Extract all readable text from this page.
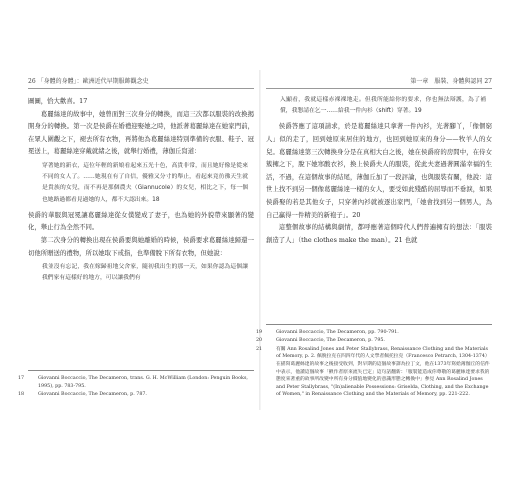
26 「身體的身體」：歐洲近代早期服飾觀念史

圖圖，恰大歡喜。17

葛麗絲達的故事中，她曾面對三次身分的轉換，而這三次都以服裝的改換揭開身分的轉換。第一次是侯爵在婚禮迎娶她之時，他派著葛麗絲達在她家門前，在眾人圍觀之下，褪去所有衣物，再將他為葛麗絲達特別準備的衣服、鞋子、冠冕送上，葛麗絲達穿戴就緒之後，就舉行婚禮，薄伽丘寫道：

穿著她的新衣，這位年輕的新娘看起來五光十色，高貴非常，而且她好像是從來不同的女人了。……她現在有了自信，優雅又分寸的舉止，看起來竟彷彿天生就是貴族的女兒，而不再是那個農夫（Giannucole）的女兒，相比之下，每一個也她路過都看見過她的人，都不大認出來。18

侯爵的華服與冠冕讓葛麗絲達從女僕變成了妻子，也為她的外貌帶來顯著的變化，舉止行為全然不同。

第二次身分的轉換出現在侯爵要與她離婚的時候，侯爵要求葛麗絲達歸還一切他所贈送的禮物，所以她取下戒指，也準備脫下所有衣物，但她說：

我並沒有忘記，我在嫁歸祖地父舍家，隨初我出生的那一天，如果你認為這個讓我們家有這樣好的地方，可以讓我們有

17	Giovanni Boccaccio, The Decameron, trans. G. H. McWilliam (London: Penguin Books, 1995), pp. 783-795.

18	Giovanni Boccaccio, The Decameron, p. 787.

第一章　服裝、身體與認同 27
入顯看，我就這樣赤裸裸地走。但我所能給你的要求，你也無法辯護，為了補償，我懇請在乞一……給我一件內衫（shift）穿著。19

侯爵答應了這項請求，於是葛麗絲達只拿著一件內衫，光著腳丫，「像個窮人」似的走了，回到她原來居住的地方，也回到她原來的身分——牧羊人的女兒。葛麗絲達第三次轉換身分是在真相大白之後，她在侯爵府的房間中，在侍女簇擁之下，脫下她寒酸衣衫，換上侯爵夫人的服裝，從此夫妻過著圓滿幸福的生活，不過，在這個故事的結尾，薄伽丘加了一段評論，也與服裝有關，他說：這世上找不到另一個像葛麗絲達一樣的女人，要受如此殘酷的屈辱而不垂淚，如果侯爵娶的若是其他女子，只穿著內衫就被逐出家門，「她會找到另一個男人，為自己贏得一件精美的新袍子」。20

這整個故事的結構與劇情，都呼應著這個時代人們普遍擁有的想法：「服裝創造了人」（the clothes make the man）。21 也就

19	Giovanni Boccaccio, The Decameron, pp. 790-791.

20	Giovanni Boccaccio, The Decameron, p. 795.

21	有關 Ann Rosalind Jones and Peter Stallybrass, Renaissance Clothing and the Materials of Memory, p. 2. 佩脫拉克在四四年代的人文學者佩托拉克（Francesco Petrarch, 1304-1374）在描寫葛麗絲達的故事之後接受收到，對早期的這個故事譯為拉丁文，他在1373年寫給薄伽丘的信件中表示，他讀這個故事「揪作者原來流失已定」這句話翻新：「服裝能造成你尊敬的葛麗絲達要求我的態度來著重的故事所改變中所有身分價值地變化的意識形態之轉換中」參見 Ann Rosalind Jones and Peter Stallybrass, "(In)alienable Possessions: Griselda, Clothing, and the Exchange of Women," in Renaissance Clothing and the Materials of Memory, pp. 221-222.
